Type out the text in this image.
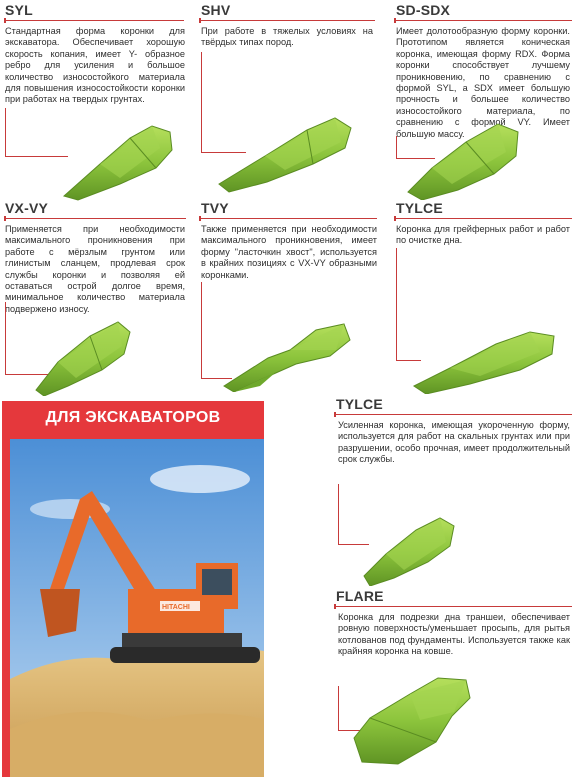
SYL
Стандартная форма коронки для экскаватора. Обеспечивает хорошую скорость копания, имеет Y- образное ребро для усиления и большое количество износостойкого материала для повышения износостойкости коронки при работах на твердых грунтах.
SHV
При работе в тяжелых условиях на твёрдых типах пород.
SD-SDX
Имеет долотообразную форму коронки. Прототипом является коническая коронка, имеющая форму RDX. Форма коронки способствует лучшему проникновению, по сравнению с формой SYL, а SDX имеет большую прочность и большее количество износостойкого материала, по сравнению с формой VY. Имеет большую массу.
VX-VY
Применяется при необходимости максимального проникновения при работе с мёрзлым грунтом или глинистым сланцем, продлевая срок службы коронки и позволяя ей оставаться острой долгое время, минимальное количество материала подвержено износу.
TVY
Также применяется при необходимости максимального проникновения, имеет форму "ласточкин хвост", используется в крайних позициях с VX-VY образными коронками.
TYLCE
Коронка для грейферных работ и работ по очистке дна.
ДЛЯ ЭКСКАВАТОРОВ
HITACHI
TYLCE
Усиленная коронка, имеющая укороченную форму, используется для работ на скальных грунтах или при разрушении, особо прочная, имеет продолжительный срок службы.
FLARE
Коронка для подрезки дна траншеи, обеспечивает ровную поверхность/уменьшает просыпь, для рытья котлованов под фундаменты. Используется также как крайняя коронка на ковше.
